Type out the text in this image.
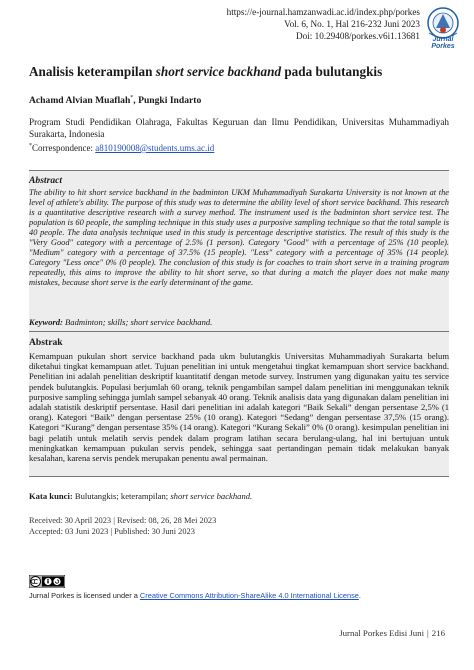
https://e-journal.hamzanwadi.ac.id/index.php/porkes
Vol. 6, No. 1, Hal 216-232 Juni 2023
Doi: 10.29408/porkes.v6i1.13681	Jurnal Porkes
Analisis keterampilan short service backhand pada bulutangkis
Achamd Alvian Muaflah*, Pungki Indarto
Program Studi Pendidikan Olahraga, Fakultas Keguruan dan Ilmu Pendidikan, Universitas Muhammadiyah Surakarta, Indonesia
*Correspondence: a810190008@students.ums.ac.id
Abstract

The ability to hit short service backhand in the badminton UKM Muhammadiyah Surakarta University is not known at the level of athlete's ability. The purpose of this study was to determine the ability level of short service backhand. This research is a quantitative descriptive research with a survey method. The instrument used is the badminton short service test. The population is 60 people, the sampling technique in this study uses a purposive sampling technique so that the total sample is 40 people. The data analysis technique used in this study is percentage descriptive statistics. The result of this study is the "Very Good" category with a percentage of 2.5% (1 person). Category "Good" with a percentage of 25% (10 people). "Medium" category with a percentage of 37.5% (15 people). "Less" category with a percentage of 35% (14 people). Category "Less once" 0% (0 people). The conclusion of this study is for coaches to train short serve in a training program repeatedly, this aims to improve the ability to hit short serve, so that during a match the player does not make many mistakes, because short serve is the early determinant of the game.

Keyword: Badminton; skills; short service backhand.
Abstrak

Kemampuan pukulan short service backhand pada ukm bulutangkis Universitas Muhammadiyah Surakarta belum diketahui tingkat kemampuan atlet. Tujuan penelitian ini untuk mengetahui tingkat kemampuan short service backhand. Penelitian ini adalah penelitian deskriptif kuantitatif dengan metode survey. Instrumen yang digunakan yaitu tes service pendek bulutangkis. Populasi berjumlah 60 orang, teknik pengambilan sampel dalam penelitian ini menggunakan teknik purposive sampling sehingga jumlah sampel sebanyak 40 orang. Teknik analisis data yang digunakan dalam penelitian ini adalah statistik deskriptif persentase. Hasil dari penelitian ini adalah kategori “Baik Sekali” dengan persentase 2,5% (1 orang). Kategori “Baik” dengan persentase 25% (10 orang). Kategori “Sedang” dengan persentase 37,5% (15 orang). Kategori “Kurang” dengan persentase 35% (14 orang). Kategori “Kurang Sekali” 0% (0 orang). kesimpulan penelitian ini bagi pelatih untuk melatih servis pendek dalam program latihan secara berulang-ulang, hal ini bertujuan untuk meningkatkan kemampuan pukulan servis pendek, sehingga saat pertandingan pemain tidak melakukan banyak kesalahan, karena servis pendek merupakan penentu awal permainan.

Kata kunci: Bulutangkis; keterampilan; short service backhand.
Received: 30 April 2023 | Revised: 08, 26, 28 Mei 2023
Accepted: 03 Juni 2023 | Published: 30 Juni 2023
Jurnal Porkes is licensed under a Creative Commons Attribution-ShareAlike 4.0 International License.
Jurnal Porkes Edisi Juni | 216
